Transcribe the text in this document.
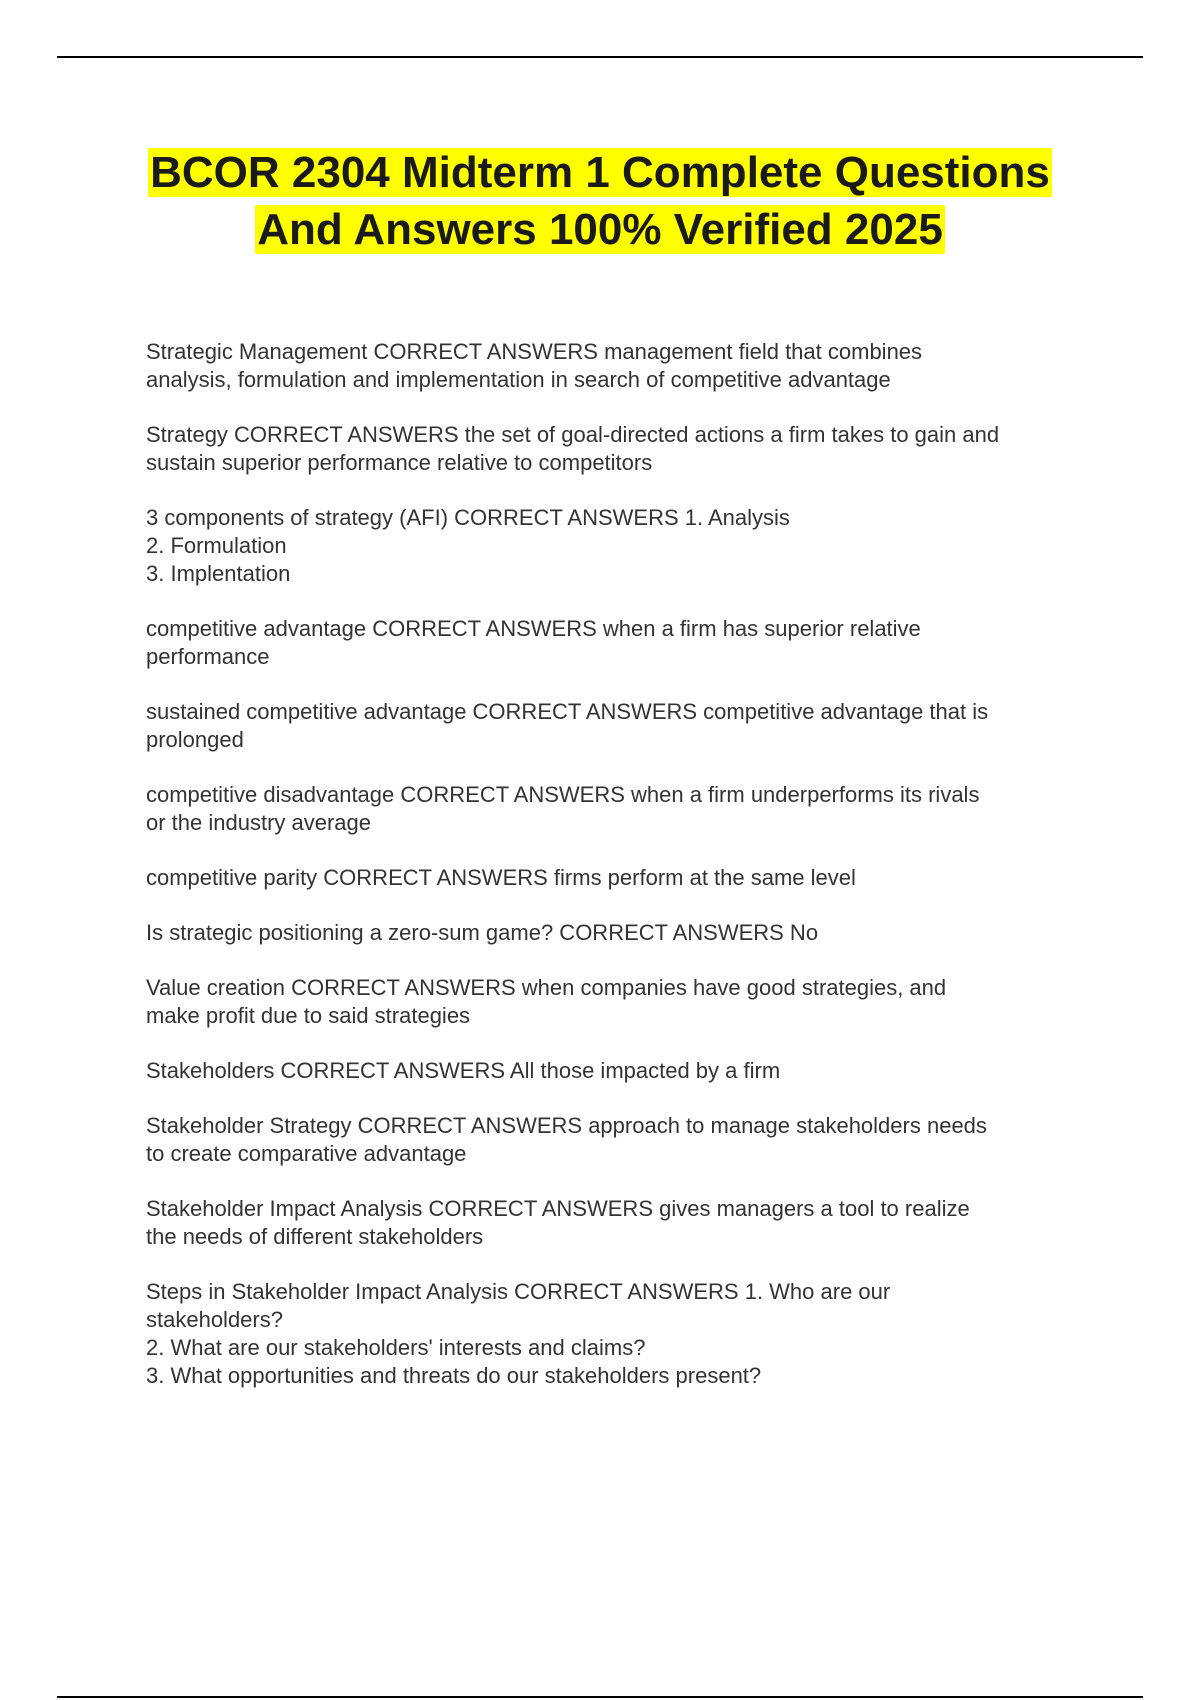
BCOR 2304 Midterm 1 Complete Questions And Answers 100% Verified 2025

Strategic Management CORRECT ANSWERS management field that combines
analysis, formulation and implementation in search of competitive advantage

Strategy CORRECT ANSWERS the set of goal-directed actions a firm takes to gain and
sustain superior performance relative to competitors

3 components of strategy (AFI) CORRECT ANSWERS 1. Analysis
2. Formulation
3. Implentation

competitive advantage CORRECT ANSWERS when a firm has superior relative
performance

sustained competitive advantage CORRECT ANSWERS competitive advantage that is
prolonged

competitive disadvantage CORRECT ANSWERS when a firm underperforms its rivals
or the industry average

competitive parity CORRECT ANSWERS firms perform at the same level

Is strategic positioning a zero-sum game? CORRECT ANSWERS No

Value creation CORRECT ANSWERS when companies have good strategies, and
make profit due to said strategies

Stakeholders CORRECT ANSWERS All those impacted by a firm

Stakeholder Strategy CORRECT ANSWERS approach to manage stakeholders needs
to create comparative advantage

Stakeholder Impact Analysis CORRECT ANSWERS gives managers a tool to realize
the needs of different stakeholders

Steps in Stakeholder Impact Analysis CORRECT ANSWERS 1. Who are our
stakeholders?
2. What are our stakeholders' interests and claims?
3. What opportunities and threats do our stakeholders present?
